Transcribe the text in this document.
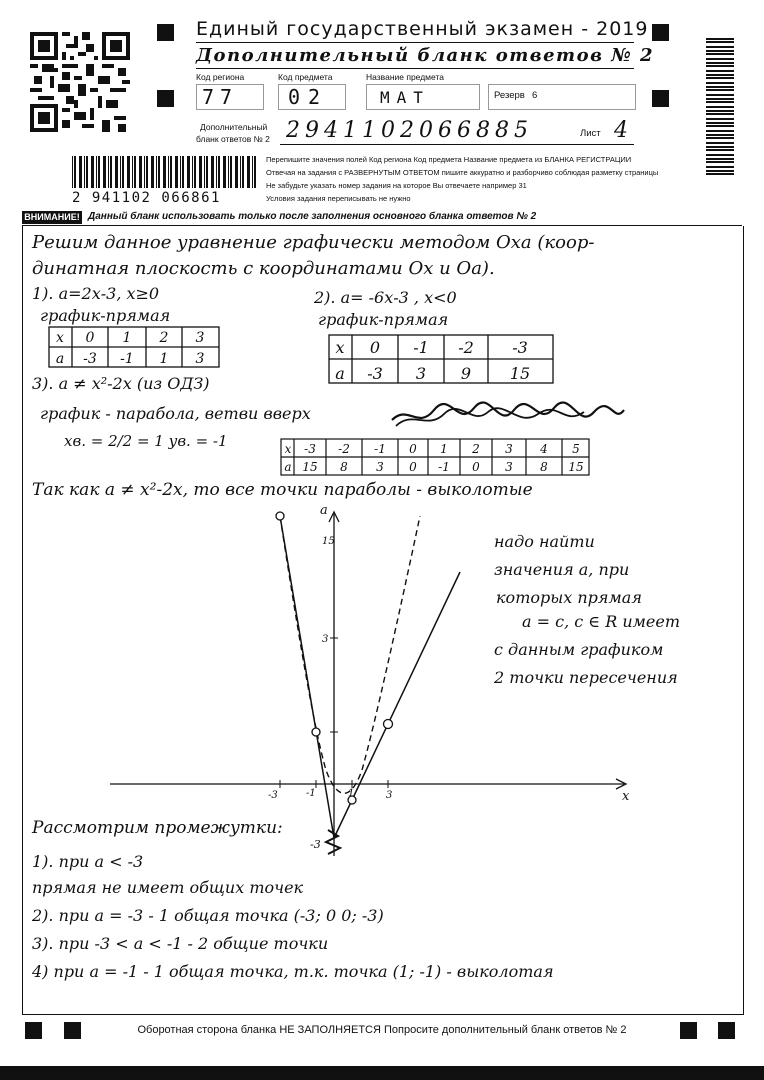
Единый государственный экзамен - 2019
Дополнительный бланк ответов № 2
Код региона	Код предмета	Название предмета
77 02	МАТ	Резерв 6
Дополнительный
бланк ответов № 2 2941102066885	Лист 4
2 941102 066861
Перепишите значения полей Код региона Код предмета Название предмета из БЛАНКА РЕГИСТРАЦИИ
Отвечая на задания с РАЗВЕРНУТЫМ ОТВЕТОМ пишите аккуратно и разборчиво соблюдая разметку страницы
Не забудьте указать номер задания на которое Вы отвечаете например 31
Условия задания переписывать не нужно
ВНИМАНИЕ! Данный бланк использовать только после заполнения основного бланка ответов № 2
Решим данное уравнение графически методом Оха (коор-
динатная плоскость с координатами Ох и Оа).
1). а=2х-3, х≥0
график-прямая
2). а= -6х-3 , х<0
график-прямая
х 0 1 2 3
а -3 -1 1 3
х 0 -1 -2 -3
а -3 3 9 15
3). а ≠ х²-2х (из ОДЗ)
график - парабола, ветви вверх
хв. = 2/2 = 1 ув. = -1	х -3 -2 -1 0 1 2 3 4 5
а 15 8 3 0 -1 0 3 8 15
Так как а ≠ х²-2х, то все точки параболы - выколотые
х
а
15
3
-3
-3	-1	1	3
надо найти
значения а, при
которых прямая
а = с, с ∈ R имеет
с данным графиком
2 точки пересечения
Рассмотрим промежутки:
1). при а < -3
прямая не имеет общих точек
2). при а = -3 - 1 общая точка (-3; 0 0; -3)
3). при -3 < а < -1 - 2 общие точки
4) при а = -1 - 1 общая точка, т.к. точка (1; -1) - выколотая
Оборотная сторона бланка НЕ ЗАПОЛНЯЕТСЯ Попросите дополнительный бланк ответов № 2
